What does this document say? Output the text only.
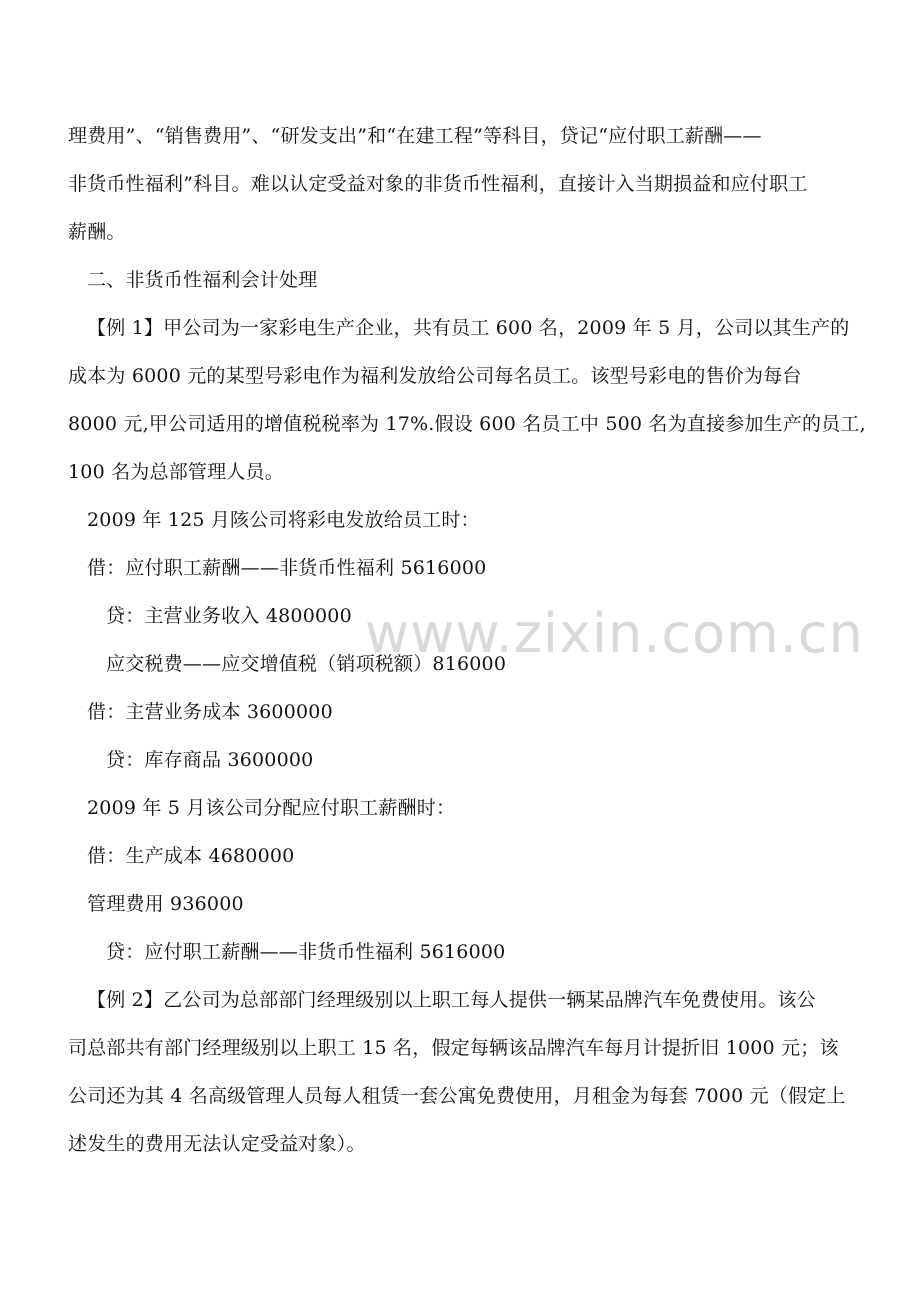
www.zixin.com.cn
理费用”、“销售费用”、“研发支出”和“在建工程”等科目，贷记“应付职工薪酬——
非货币性福利”科目。难以认定受益对象的非货币性福利，直接计入当期损益和应付职工
薪酬。
二、非货币性福利会计处理
【例 1】甲公司为一家彩电生产企业，共有员工 600 名，2009 年 5 月，公司以其生产的
成本为 6000 元的某型号彩电作为福利发放给公司每名员工。该型号彩电的售价为每台
8000 元,甲公司适用的增值税税率为 17%.假设 600 名员工中 500 名为直接参加生产的员工,
100 名为总部管理人员。
2009 年 125 月陔公司将彩电发放给员工时：
借：应付职工薪酬——非货币性福利 5616000
贷：主营业务收入 4800000
应交税费——应交增值税（销项税额）816000
借：主营业务成本 3600000
贷：库存商品 3600000
2009 年 5 月该公司分配应付职工薪酬时：
借：生产成本 4680000
管理费用 936000
贷：应付职工薪酬——非货币性福利 5616000
【例 2】乙公司为总部部门经理级别以上职工每人提供一辆某品牌汽车免费使用。该公
司总部共有部门经理级别以上职工 15 名，假定每辆该品牌汽车每月计提折旧 1000 元；该
公司还为其 4 名高级管理人员每人租赁一套公寓免费使用，月租金为每套 7000 元（假定上
述发生的费用无法认定受益对象）。
